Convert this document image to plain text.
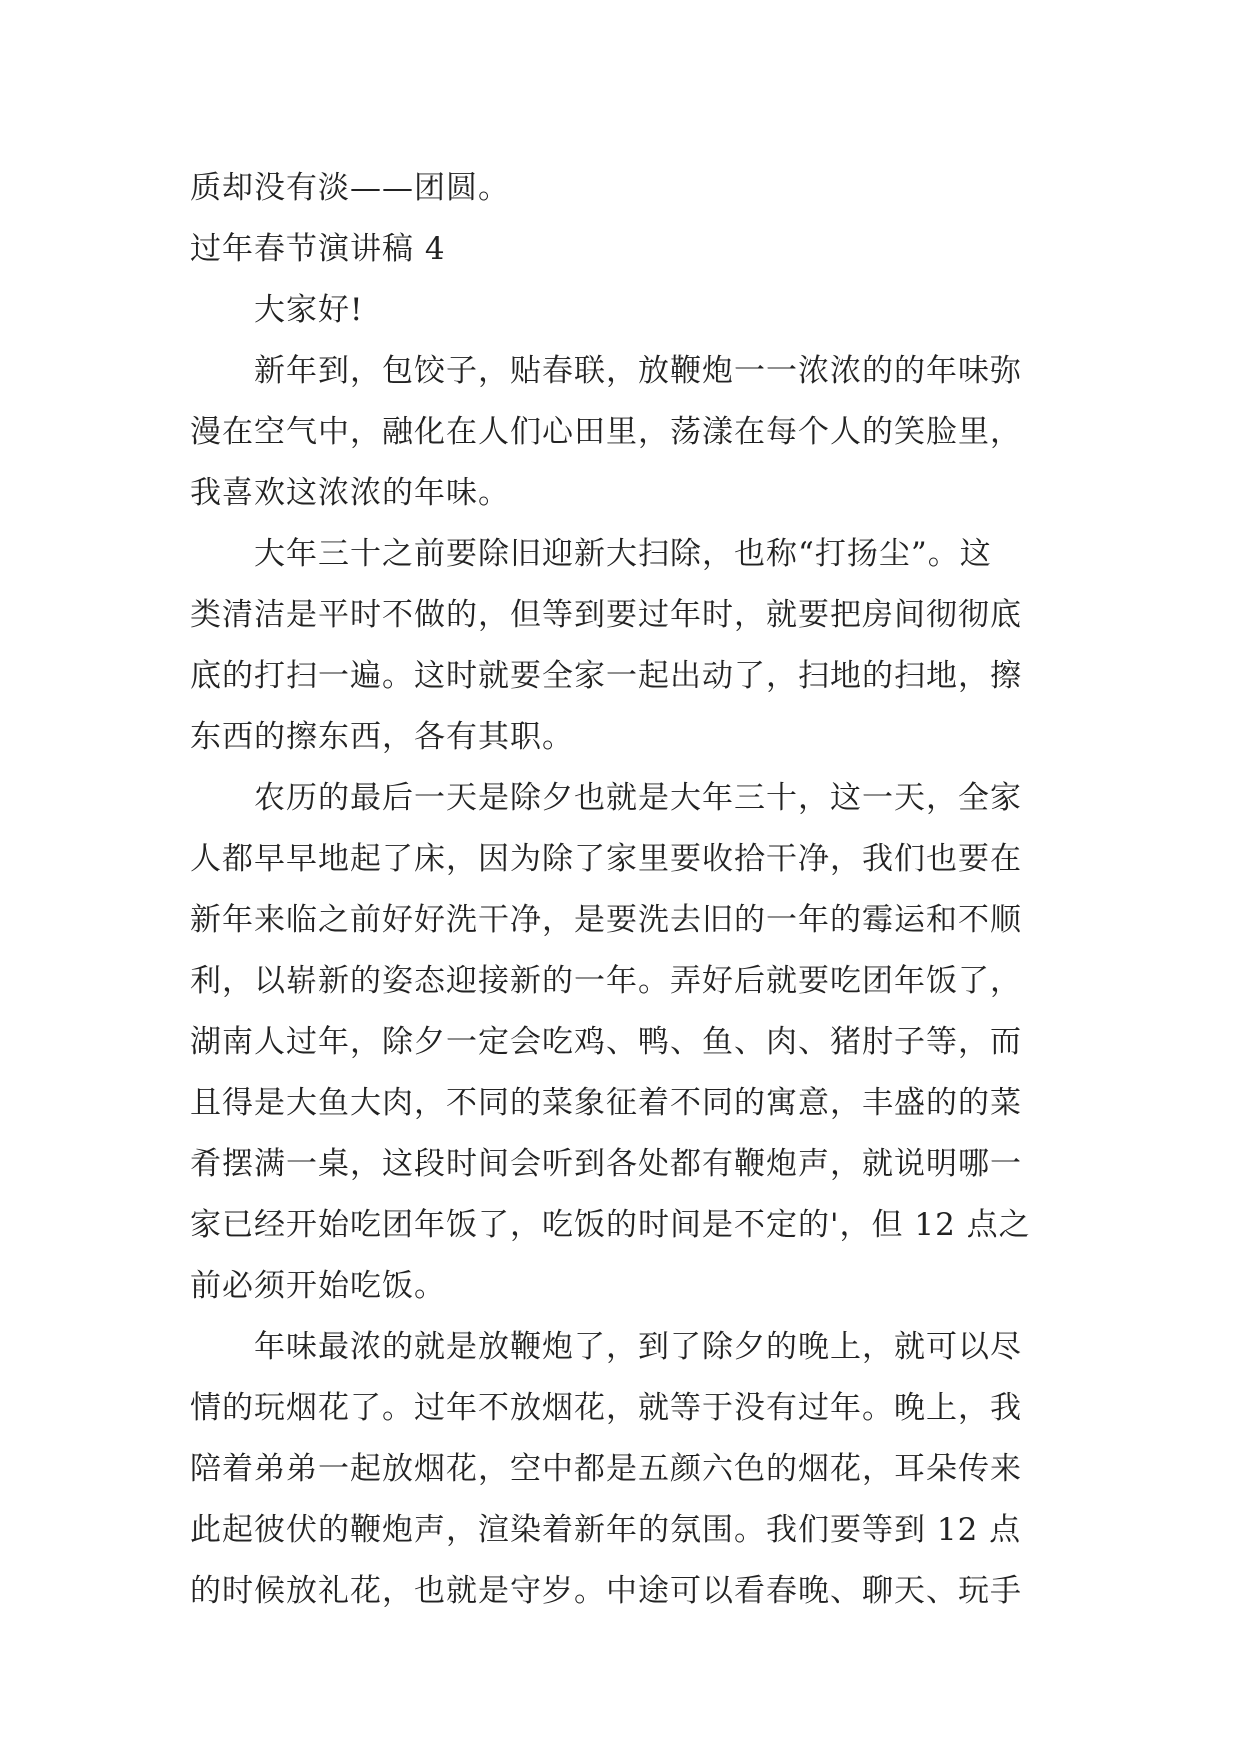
质却没有淡——团圆。

过年春节演讲稿 4

大家好!

新年到，包饺子，贴春联，放鞭炮一一浓浓的的年味弥

漫在空气中，融化在人们心田里，荡漾在每个人的笑脸里，

我喜欢这浓浓的年味。

大年三十之前要除旧迎新大扫除，也称“打扬尘”。这

类清洁是平时不做的，但等到要过年时，就要把房间彻彻底

底的打扫一遍。这时就要全家一起出动了，扫地的扫地，擦

东西的擦东西，各有其职。

农历的最后一天是除夕也就是大年三十，这一天，全家

人都早早地起了床，因为除了家里要收拾干净，我们也要在

新年来临之前好好洗干净，是要洗去旧的一年的霉运和不顺

利，以崭新的姿态迎接新的一年。弄好后就要吃团年饭了，

湖南人过年，除夕一定会吃鸡、鸭、鱼、肉、猪肘子等，而

且得是大鱼大肉，不同的菜象征着不同的寓意，丰盛的的菜

肴摆满一桌，这段时间会听到各处都有鞭炮声，就说明哪一

家已经开始吃团年饭了，吃饭的时间是不定的'，但 12 点之

前必须开始吃饭。

年味最浓的就是放鞭炮了，到了除夕的晚上，就可以尽

情的玩烟花了。过年不放烟花，就等于没有过年。晚上，我

陪着弟弟一起放烟花，空中都是五颜六色的烟花，耳朵传来

此起彼伏的鞭炮声，渲染着新年的氛围。我们要等到 12 点

的时候放礼花，也就是守岁。中途可以看春晚、聊天、玩手
